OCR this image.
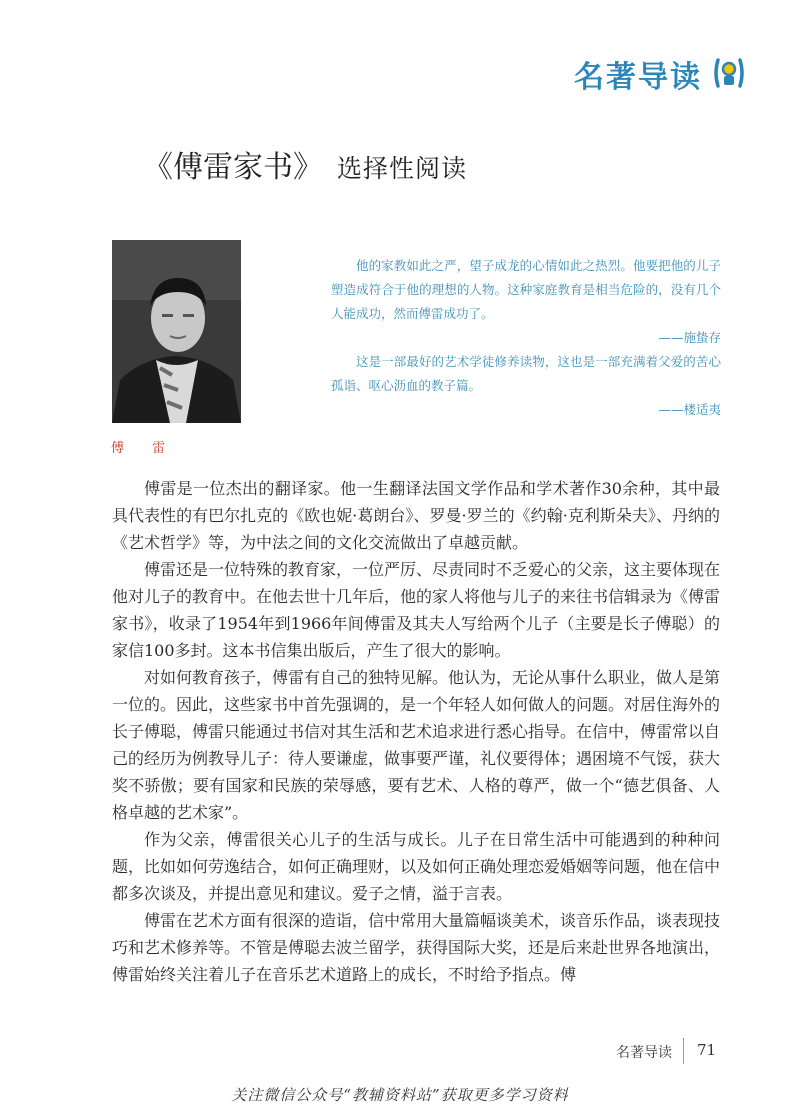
名著导读
《傅雷家书》 选择性阅读
傅 雷

他的家教如此之严，望子成龙的心情如此之热烈。他要把他的儿子塑造成符合于他的理想的人物。这种家庭教育是相当危险的，没有几个人能成功，然而傅雷成功了。

——施蛰存

这是一部最好的艺术学徒修养读物，这也是一部充满着父爱的苦心孤诣、呕心沥血的教子篇。

——楼适夷

傅雷是一位杰出的翻译家。他一生翻译法国文学作品和学术著作30余种，其中最具代表性的有巴尔扎克的《欧也妮·葛朗台》、罗曼·罗兰的《约翰·克利斯朵夫》、丹纳的《艺术哲学》等，为中法之间的文化交流做出了卓越贡献。

傅雷还是一位特殊的教育家，一位严厉、尽责同时不乏爱心的父亲，这主要体现在他对儿子的教育中。在他去世十几年后，他的家人将他与儿子的来往书信辑录为《傅雷家书》，收录了1954年到1966年间傅雷及其夫人写给两个儿子（主要是长子傅聪）的家信100多封。这本书信集出版后，产生了很大的影响。

对如何教育孩子，傅雷有自己的独特见解。他认为，无论从事什么职业，做人是第一位的。因此，这些家书中首先强调的，是一个年轻人如何做人的问题。对居住海外的长子傅聪，傅雷只能通过书信对其生活和艺术追求进行悉心指导。在信中，傅雷常以自己的经历为例教导儿子：待人要谦虚，做事要严谨，礼仪要得体；遇困境不气馁，获大奖不骄傲；要有国家和民族的荣辱感，要有艺术、人格的尊严，做一个“德艺俱备、人格卓越的艺术家”。

作为父亲，傅雷很关心儿子的生活与成长。儿子在日常生活中可能遇到的种种问题，比如如何劳逸结合，如何正确理财，以及如何正确处理恋爱婚姻等问题，他在信中都多次谈及，并提出意见和建议。爱子之情，溢于言表。

傅雷在艺术方面有很深的造诣，信中常用大量篇幅谈美术，谈音乐作品，谈表现技巧和艺术修养等。不管是傅聪去波兰留学，获得国际大奖，还是后来赴世界各地演出，傅雷始终关注着儿子在音乐艺术道路上的成长，不时给予指点。傅

名著导读 71
关注微信公众号“教辅资料站”获取更多学习资料
